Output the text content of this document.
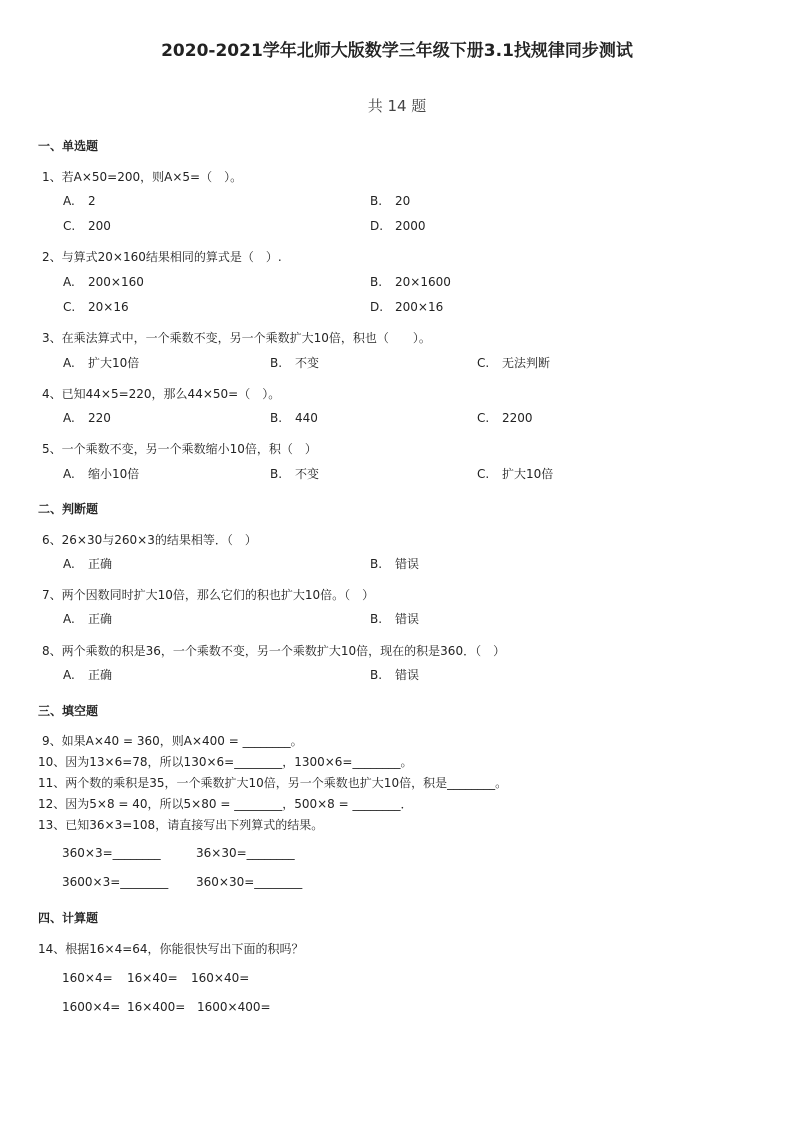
2020-2021学年北师大版数学三年级下册3.1找规律同步测试
共 14 题
一、单选题
1、若A×50=200，则A×5=（　）。
A. 2	B. 20
C. 200	D. 2000
2、与算式20×160结果相同的算式是（　）.
A. 200×160	B. 20×1600
C. 20×16	D. 200×16
3、在乘法算式中，一个乘数不变，另一个乘数扩大10倍，积也（　　）。
A. 扩大10倍	B. 不变	C. 无法判断
4、已知44×5=220，那么44×50=（　）。
A. 220	B. 440	C. 2200
5、一个乘数不变，另一个乘数缩小10倍，积（　）
A. 缩小10倍	B. 不变	C. 扩大10倍
二、判断题
6、26×30与260×3的结果相等．（　）
A. 正确	B. 错误
7、两个因数同时扩大10倍，那么它们的积也扩大10倍。（　）
A. 正确	B. 错误
8、两个乘数的积是36，一个乘数不变，另一个乘数扩大10倍，现在的积是360．（　）
A. 正确	B. 错误
三、填空题
9、如果A×40 = 360，则A×400 = ________。
10、因为13×6=78，所以130×6=________，1300×6=________。
11、两个数的乘积是35，一个乘数扩大10倍，另一个乘数也扩大10倍，积是________。
12、因为5×8 = 40，所以5×80 = ________，500×8 = ________．
13、已知36×3=108，请直接写出下列算式的结果。
360×3=________	36×30=________
3600×3=________ 360×30=________
四、计算题
14、根据16×4=64，你能很快写出下面的积吗？
160×4= 16×40= 160×40=
1600×4= 16×400= 1600×400=
